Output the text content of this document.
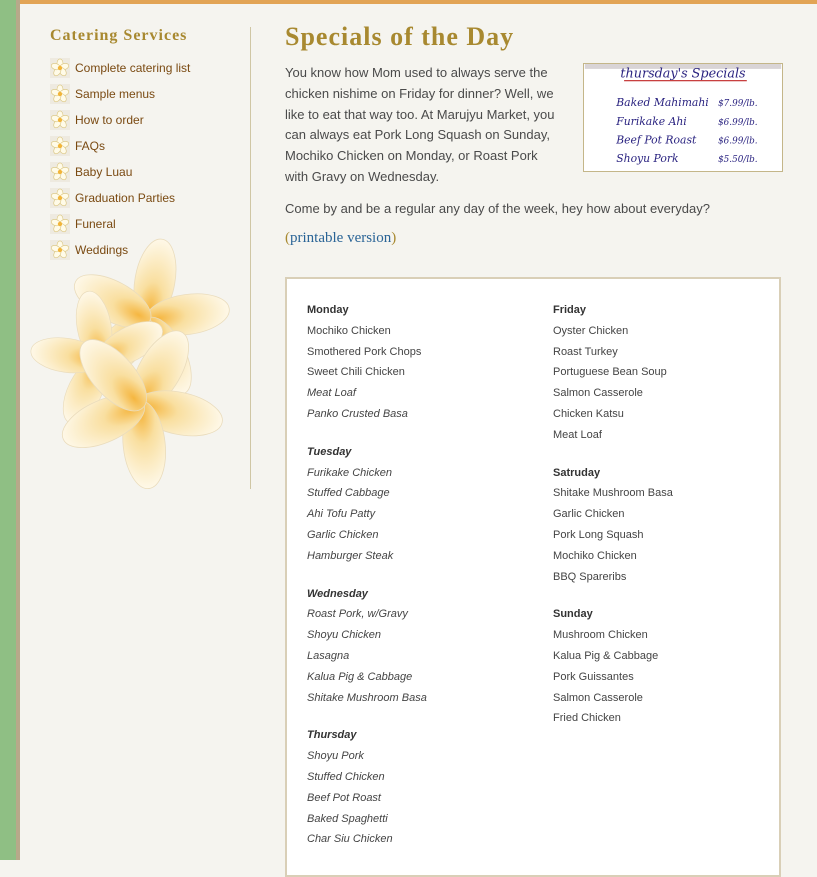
Catering Services
Complete catering list
Sample menus
How to order
FAQs
Baby Luau
Graduation Parties
Funeral
Weddings
Specials of the Day

You know how Mom used to always serve the chicken nishime on Friday for dinner? Well, we like to eat that way too. At Marujyu Market, you can always eat Pork Long Squash on Sunday, Mochiko Chicken on Monday, or Roast Pork with Gravy on Wednesday.

Come by and be a regular any day of the week, hey how about everyday?

(printable version)

thursday's Specials
Baked Mahimahi $7.99/lb.
Furikake Ahi	$6.99/lb.
Beef Pot Roast $6.99/lb.
Shoyu Pork	$5.50/lb.
Monday
Mochiko Chicken
Smothered Pork Chops
Sweet Chili Chicken
Meat Loaf
Panko Crusted Basa
Tuesday
Furikake Chicken
Stuffed Cabbage
Ahi Tofu Patty
Garlic Chicken
Hamburger Steak
Wednesday
Roast Pork, w/Gravy
Shoyu Chicken
Lasagna
Kalua Pig & Cabbage
Shitake Mushroom Basa
Thursday
Shoyu Pork
Stuffed Chicken
Beef Pot Roast
Baked Spaghetti
Char Siu Chicken
Friday
Oyster Chicken
Roast Turkey
Portuguese Bean Soup
Salmon Casserole
Chicken Katsu
Meat Loaf
Satruday
Shitake Mushroom Basa
Garlic Chicken
Pork Long Squash
Mochiko Chicken
BBQ Spareribs
Sunday
Mushroom Chicken
Kalua Pig & Cabbage
Pork Guissantes
Salmon Casserole
Fried Chicken
